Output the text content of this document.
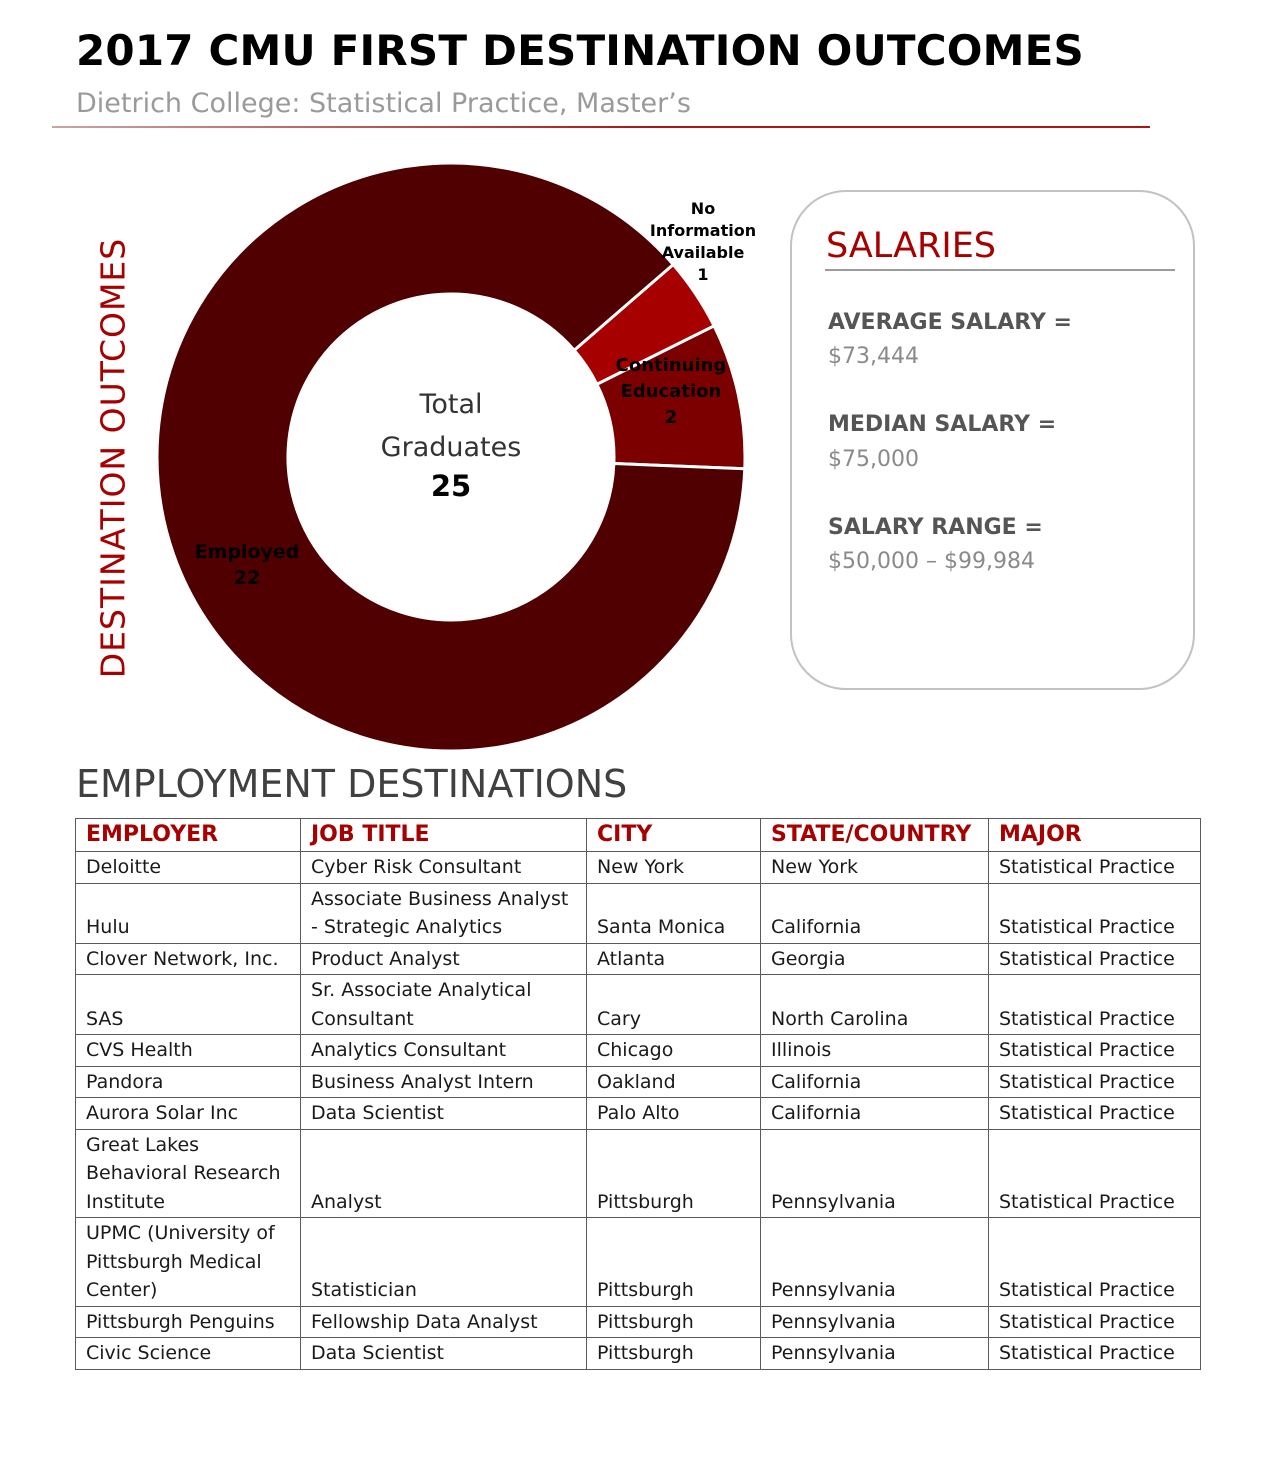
2017 CMU FIRST DESTINATION OUTCOMES
Dietrich College: Statistical Practice, Master’s
DESTINATION OUTCOMES	Employed
22
Continuing
Education
2
No
Information
Available
1
Total
Graduates
25
SALARIES
AVERAGE SALARY =
$73,444
MEDIAN SALARY =
$75,000
SALARY RANGE =
$50,000 – $99,984
EMPLOYMENT DESTINATIONS
EMPLOYER	JOB TITLE	CITY	STATE/COUNTRY	MAJOR
Deloitte	Cyber Risk Consultant	New York	New York	Statistical Practice
Hulu	Associate Business Analyst - Strategic Analytics	Santa Monica	California	Statistical Practice
Clover Network, Inc.	Product Analyst	Atlanta	Georgia	Statistical Practice
SAS	Sr. Associate Analytical Consultant	Cary	North Carolina	Statistical Practice
CVS Health	Analytics Consultant	Chicago	Illinois	Statistical Practice
Pandora	Business Analyst Intern	Oakland	California	Statistical Practice
Aurora Solar Inc	Data Scientist	Palo Alto	California	Statistical Practice
Great Lakes Behavioral Research Institute	Analyst	Pittsburgh	Pennsylvania	Statistical Practice
UPMC (University of Pittsburgh Medical Center)	Statistician	Pittsburgh	Pennsylvania	Statistical Practice
Pittsburgh Penguins	Fellowship Data Analyst	Pittsburgh	Pennsylvania	Statistical Practice
Civic Science	Data Scientist	Pittsburgh	Pennsylvania	Statistical Practice
